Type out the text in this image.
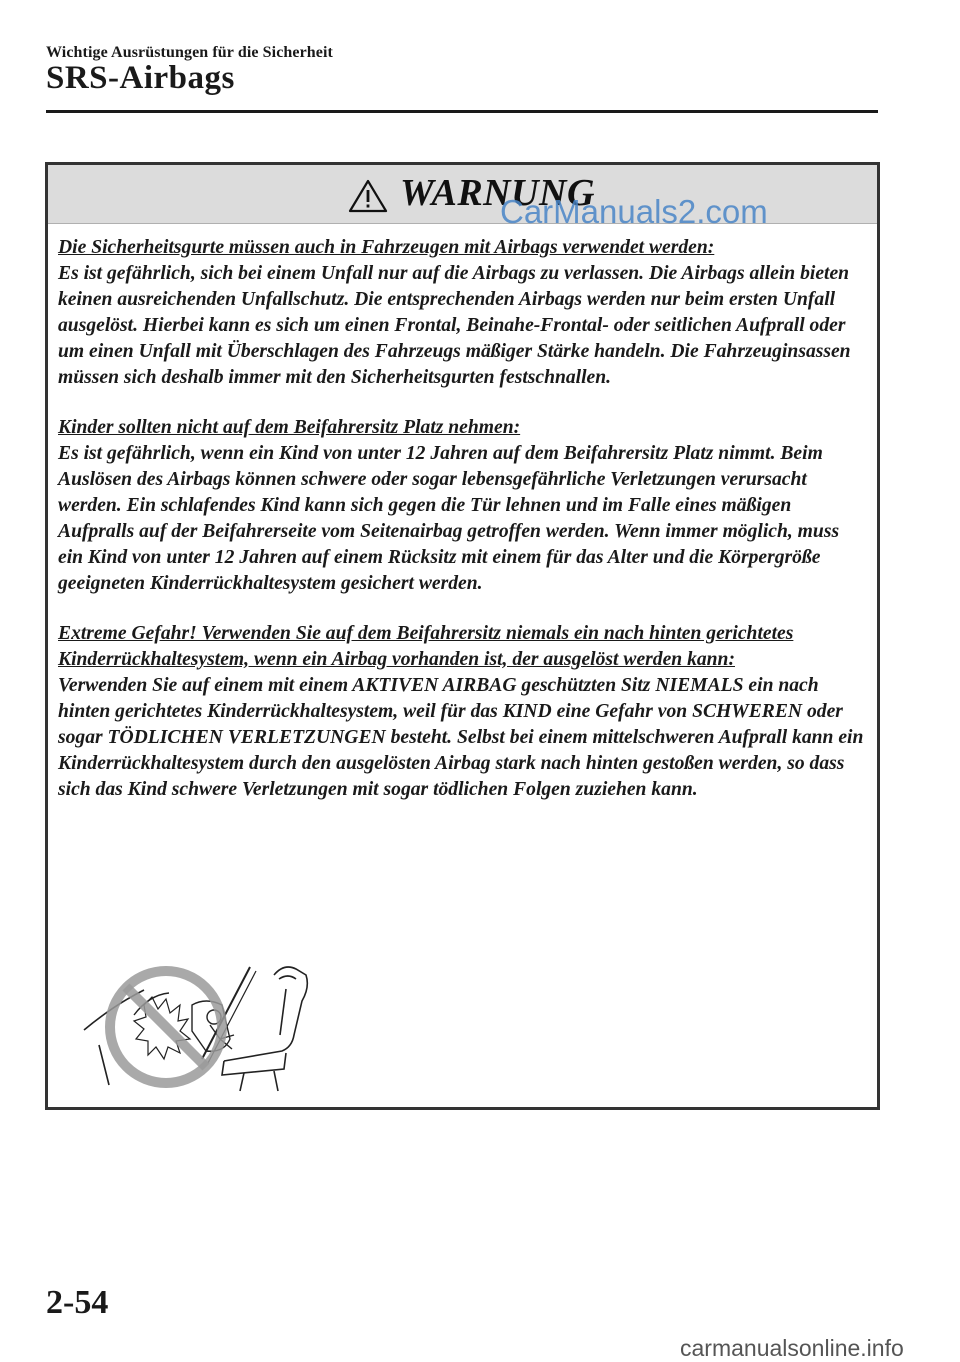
Wichtige Ausrüstungen für die Sicherheit
SRS-Airbags
WARNUNG
CarManuals2.com
Die Sicherheitsgurte müssen auch in Fahrzeugen mit Airbags verwendet werden:
Es ist gefährlich, sich bei einem Unfall nur auf die Airbags zu verlassen. Die Airbags allein bieten keinen ausreichenden Unfallschutz. Die entsprechenden Airbags werden nur beim ersten Unfall ausgelöst. Hierbei kann es sich um einen Frontal, Beinahe-Frontal- oder seitlichen Aufprall oder um einen Unfall mit Überschlagen des Fahrzeugs mäßiger Stärke handeln. Die Fahrzeuginsassen müssen sich deshalb immer mit den Sicherheitsgurten festschnallen.
Kinder sollten nicht auf dem Beifahrersitz Platz nehmen:
Es ist gefährlich, wenn ein Kind von unter 12 Jahren auf dem Beifahrersitz Platz nimmt. Beim Auslösen des Airbags können schwere oder sogar lebensgefährliche Verletzungen verursacht werden. Ein schlafendes Kind kann sich gegen die Tür lehnen und im Falle eines mäßigen Aufpralls auf der Beifahrerseite vom Seitenairbag getroffen werden. Wenn immer möglich, muss ein Kind von unter 12 Jahren auf einem Rücksitz mit einem für das Alter und die Körpergröße geeigneten Kinderrückhaltesystem gesichert werden.
Extreme Gefahr! Verwenden Sie auf dem Beifahrersitz niemals ein nach hinten gerichtetes Kinderrückhaltesystem, wenn ein Airbag vorhanden ist, der ausgelöst werden kann:
Verwenden Sie auf einem mit einem AKTIVEN AIRBAG geschützten Sitz NIEMALS ein nach hinten gerichtetes Kinderrückhaltesystem, weil für das KIND eine Gefahr von SCHWEREN oder sogar TÖDLICHEN VERLETZUNGEN besteht. Selbst bei einem mittelschweren Aufprall kann ein Kinderrückhaltesystem durch den ausgelösten Airbag stark nach hinten gestoßen werden, so dass sich das Kind schwere Verletzungen mit sogar tödlichen Folgen zuziehen kann.
2-54
carmanualsonline.info
